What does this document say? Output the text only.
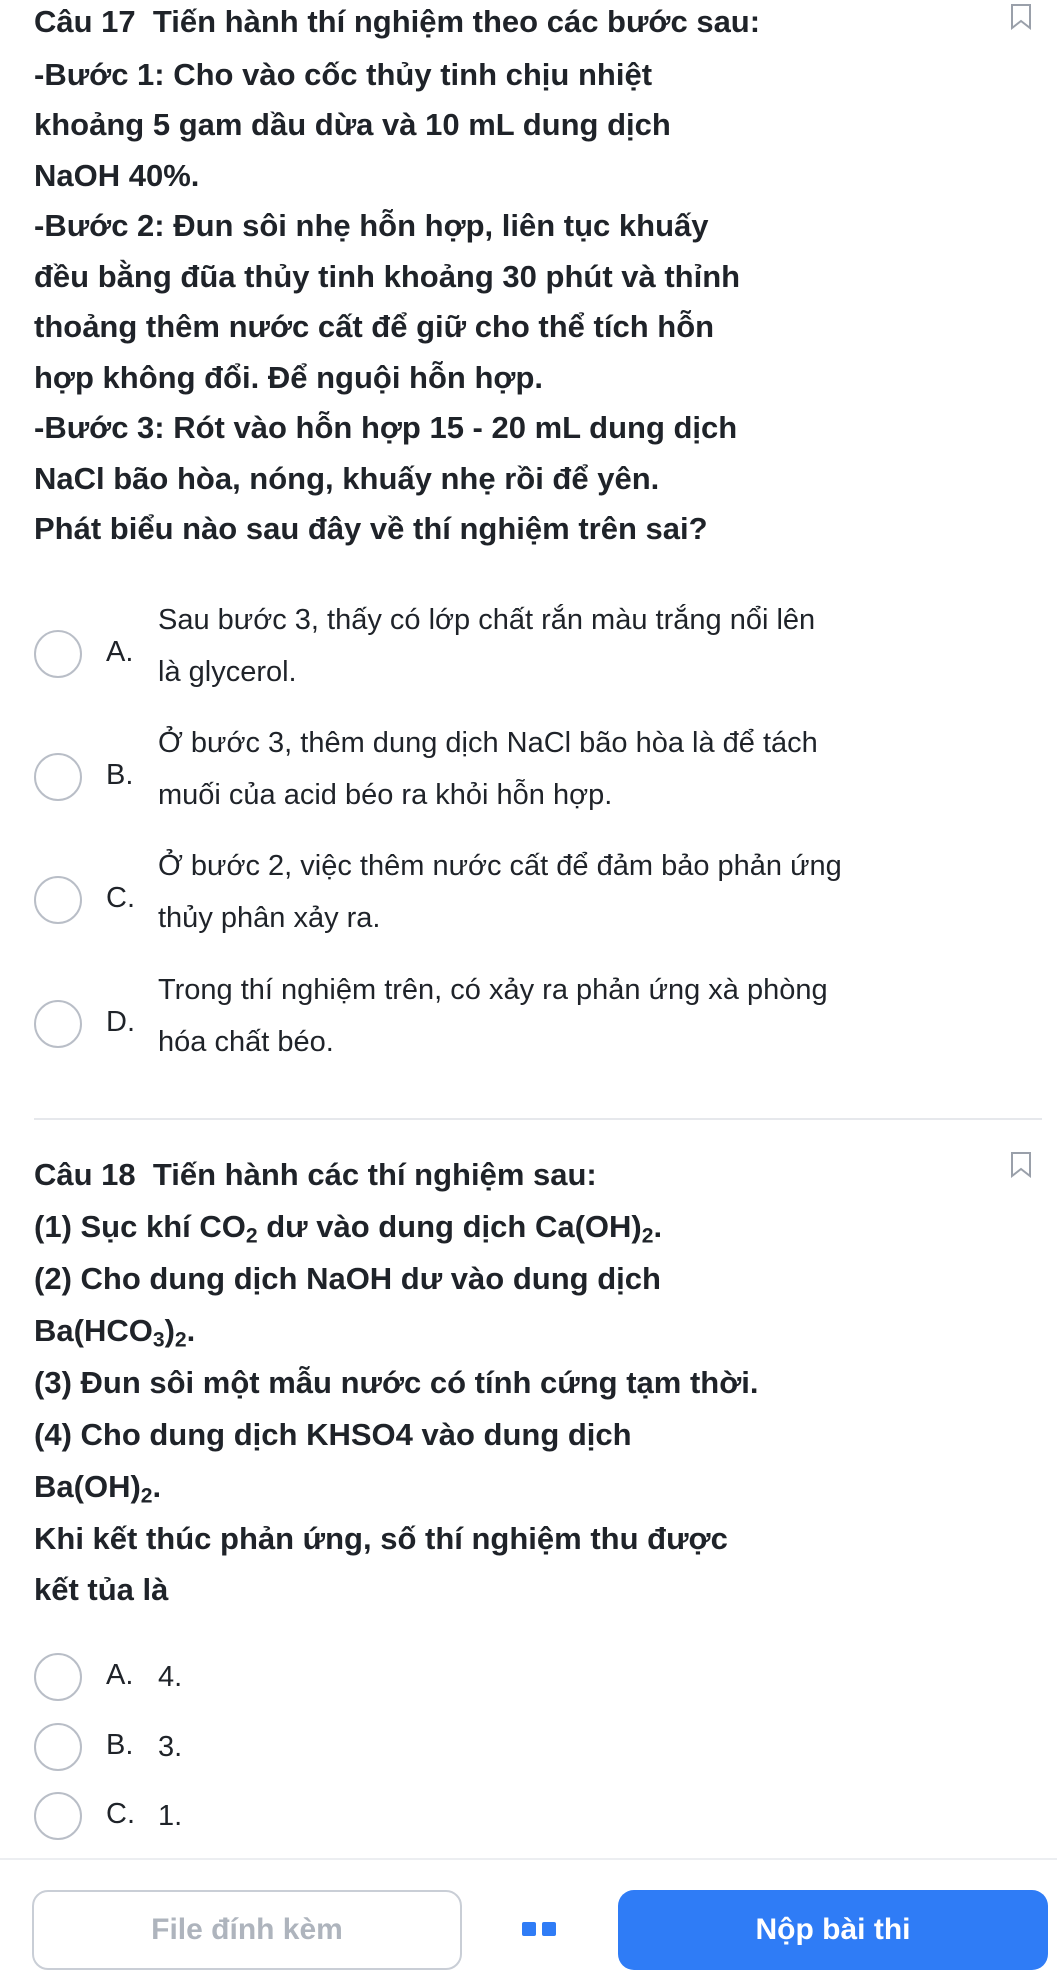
Câu 17 Tiến hành thí nghiệm theo các bước sau:
-Bước 1: Cho vào cốc thủy tinh chịu nhiệt
khoảng 5 gam dầu dừa và 10 mL dung dịch
NaOH 40%.
-Bước 2: Đun sôi nhẹ hỗn hợp, liên tục khuấy
đều bằng đũa thủy tinh khoảng 30 phút và thỉnh
thoảng thêm nước cất để giữ cho thể tích hỗn
hợp không đổi. Để nguội hỗn hợp.
-Bước 3: Rót vào hỗn hợp 15 - 20 mL dung dịch
NaCl bão hòa, nóng, khuấy nhẹ rồi để yên.
Phát biểu nào sau đây về thí nghiệm trên sai?
A.
Sau bước 3, thấy có lớp chất rắn màu trắng nổi lên
là glycerol.
B.
Ở bước 3, thêm dung dịch NaCl bão hòa là để tách
muối của acid béo ra khỏi hỗn hợp.
C.
Ở bước 2, việc thêm nước cất để đảm bảo phản ứng
thủy phân xảy ra.
D.
Trong thí nghiệm trên, có xảy ra phản ứng xà phòng
hóa chất béo.
Câu 18 Tiến hành các thí nghiệm sau:
(1) Sục khí $CO_2$ dư vào dung dịch $Ca(OH)_2$.
(2) Cho dung dịch NaOH dư vào dung dịch
$Ba(HCO_3)_2$.
(3) Đun sôi một mẫu nước có tính cứng tạm thời.
(4) Cho dung dịch KHSO4 vào dung dịch
$Ba(OH)_2$.
Khi kết thúc phản ứng, số thí nghiệm thu được
kết tủa là
A. 4.
B. 3.
C. 1.
File đính kèm	Nộp bài thi
